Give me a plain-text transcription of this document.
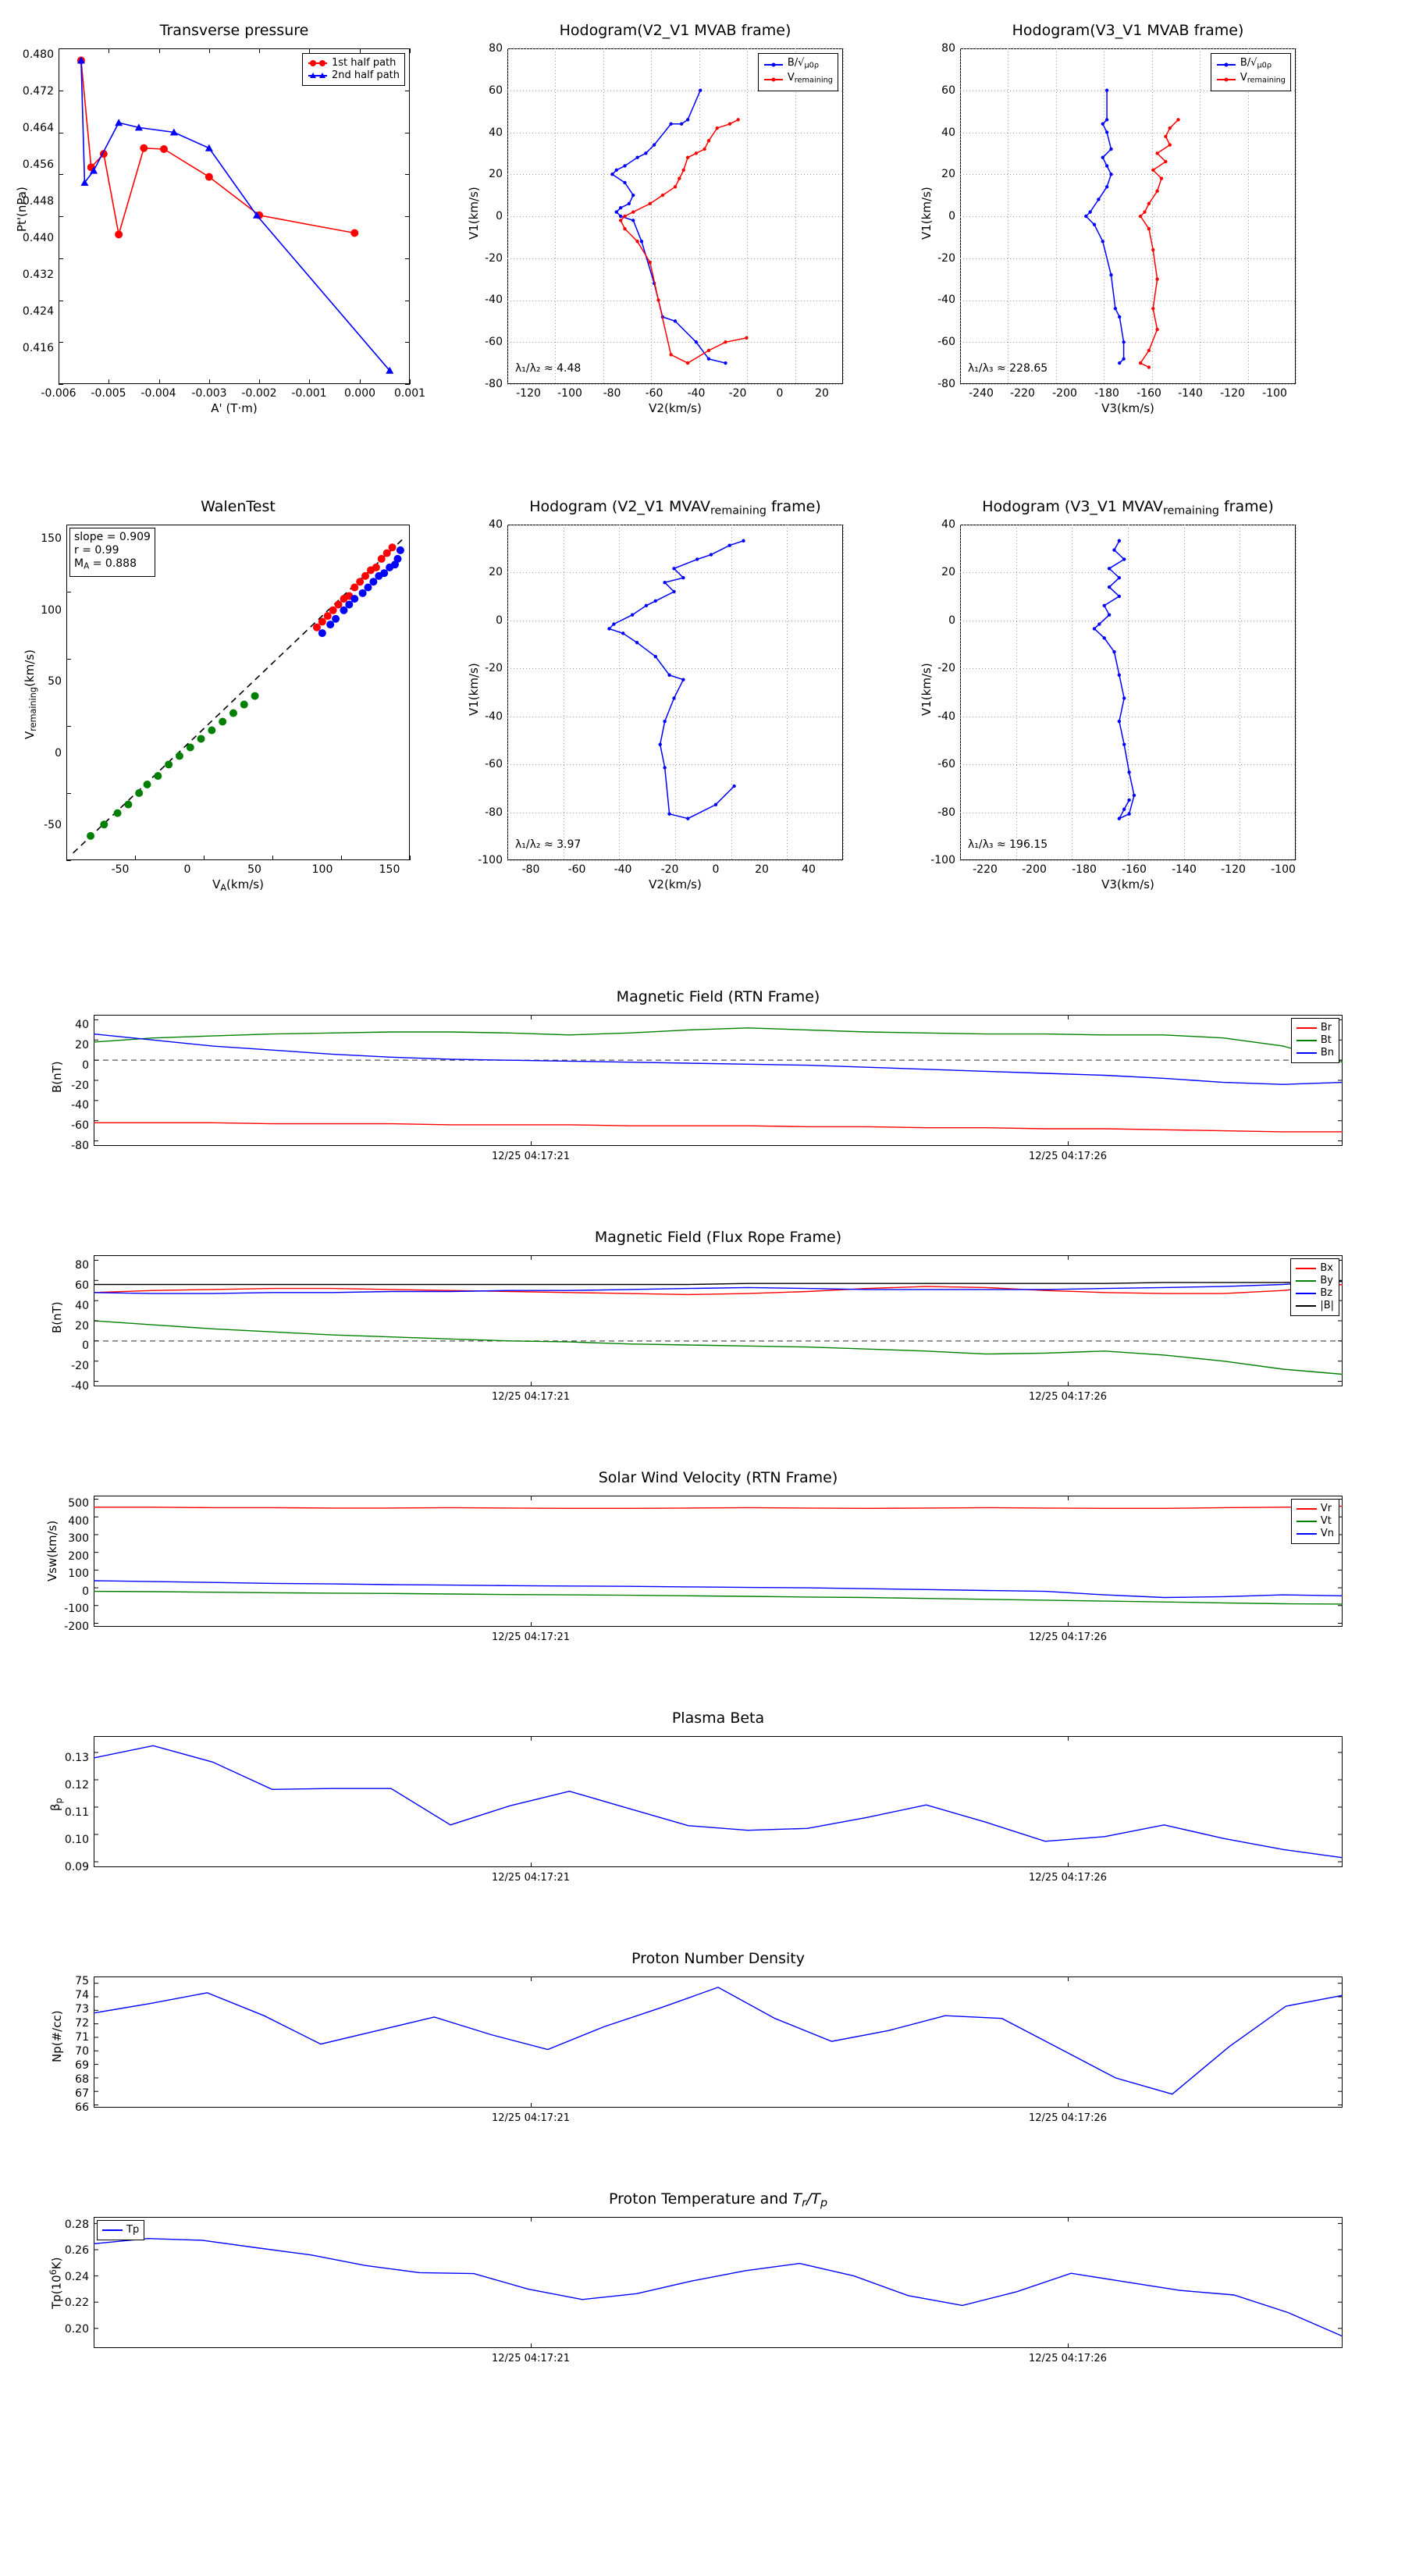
Transverse pressure
Pt'(nPa)
A' (T·m)
0.480
0.472
0.464
0.456
0.448
0.440
0.432
0.424
0.416
-0.006 -0.005 -0.004 -0.003 -0.002 -0.001 0.000 0.001
1st half path
2nd half path
Hodogram(V2_V1 MVAB frame)
V1(km/s)
V2(km/s)
80
60
40
20
0
-20
-40
-60
-80
-120 -100 -80 -60 -40 -20	0	20
λ₁/λ₂ ≈ 4.48
$B/√_{\mu 0\rho}$
$V_{remaining}$
Hodogram(V3_V1 MVAB frame)
V1(km/s)
V3(km/s)
80
60
40
20
0
-20
-40
-60
-80
-240 -220 -200 -180 -160 -140 -120 -100
λ₁/λ₃ ≈ 228.65
$B/√_{\mu 0\rho}$
$V_{remaining}$
WalenTest
$V_{remaining}(km/s)$
$V_A(km/s)$
150
100
50
0
-50
-50	0	50	100	150
slope = 0.909
r = 0.99
$M_A = 0.888$
Hodogram (V2_V1 $MVAV_{remaining}$ frame)
V1(km/s)
V2(km/s)
40
20
0
-20
-40
-60
-80
-100
-80	-60	-40	-20	0	20	40
λ₁/λ₂ ≈ 3.97
Hodogram (V3_V1 $MVAV_{remaining}$ frame)
V1(km/s)
V3(km/s)
40
20
0
-20
-40
-60
-80
-100
-220 -200 -180 -160 -140 -120 -100
λ₁/λ₃ ≈ 196.15
Magnetic Field (RTN Frame)
B(nT)
40
20
0
-20
-40
-60
-80
12/25 04:17:21	12/25 04:17:26
Br
Bt
Bn
Magnetic Field (Flux Rope Frame)
B(nT)
80
60
40
20
0
-20
-40
12/25 04:17:21	12/25 04:17:26
Bx
By
Bz
|B|
Solar Wind Velocity (RTN Frame)
Vsw(km/s)
500
400
300
200
100
0
-100
-200
12/25 04:17:21	12/25 04:17:26
Vr
Vt
Vn
Plasma Beta
$\beta_p$
0.13
0.12
0.11
0.10
0.09
12/25 04:17:21	12/25 04:17:26
Proton Number Density
Np(#/cc)
75
74
73
72
71
70
69
68
67
66
12/25 04:17:21	12/25 04:17:26
Proton Temperature and $T_r/T_p$
$Tp(10^6K)$
0.28
0.26
0.24
0.22
0.20
12/25 04:17:21	12/25 04:17:26
Tp
